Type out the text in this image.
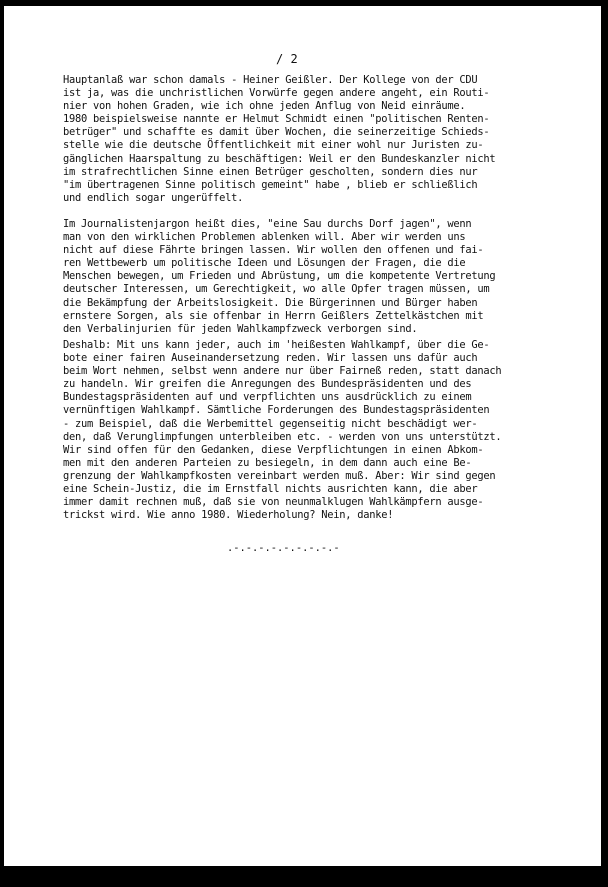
/ 2
Hauptanlaß war schon damals - Heiner Geißler. Der Kollege von der CDU
ist ja, was die unchristlichen Vorwürfe gegen andere angeht, ein Routi-
nier von hohen Graden, wie ich ohne jeden Anflug von Neid einräume.
1980 beispielsweise nannte er Helmut Schmidt einen "politischen Renten-
betrüger" und schaffte es damit über Wochen, die seinerzeitige Schieds-
stelle wie die deutsche Öffentlichkeit mit einer wohl nur Juristen zu-
gänglichen Haarspaltung zu beschäftigen: Weil er den Bundeskanzler nicht
im strafrechtlichen Sinne einen Betrüger gescholten, sondern dies nur
"im übertragenen Sinne politisch gemeint" habe , blieb er schließlich
und endlich sogar ungerüffelt.
Im Journalistenjargon heißt dies, "eine Sau durchs Dorf jagen", wenn
man von den wirklichen Problemen ablenken will. Aber wir werden uns
nicht auf diese Fährte bringen lassen. Wir wollen den offenen und fai-
ren Wettbewerb um politische Ideen und Lösungen der Fragen, die die
Menschen bewegen, um Frieden und Abrüstung, um die kompetente Vertretung
deutscher Interessen, um Gerechtigkeit, wo alle Opfer tragen müssen, um
die Bekämpfung der Arbeitslosigkeit. Die Bürgerinnen und Bürger haben
ernstere Sorgen, als sie offenbar in Herrn Geißlers Zettelkästchen mit
den Verbalinjurien für jeden Wahlkampfzweck verborgen sind.
Deshalb: Mit uns kann jeder, auch im 'heißesten Wahlkampf, über die Ge-
bote einer fairen Auseinandersetzung reden. Wir lassen uns dafür auch
beim Wort nehmen, selbst wenn andere nur über Fairneß reden, statt danach
zu handeln. Wir greifen die Anregungen des Bundespräsidenten und des
Bundestagspräsidenten auf und verpflichten uns ausdrücklich zu einem
vernünftigen Wahlkampf. Sämtliche Forderungen des Bundestagspräsidenten
- zum Beispiel, daß die Werbemittel gegenseitig nicht beschädigt wer-
den, daß Verunglimpfungen unterbleiben etc. - werden von uns unterstützt.
Wir sind offen für den Gedanken, diese Verpflichtungen in einen Abkom-
men mit den anderen Parteien zu besiegeln, in dem dann auch eine Be-
grenzung der Wahlkampfkosten vereinbart werden muß. Aber: Wir sind gegen
eine Schein-Justiz, die im Ernstfall nichts ausrichten kann, die aber
immer damit rechnen muß, daß sie von neunmalklugen Wahlkämpfern ausge-
trickst wird. Wie anno 1980. Wiederholung? Nein, danke!
.-.-.-.-.-.-.-.-.-
